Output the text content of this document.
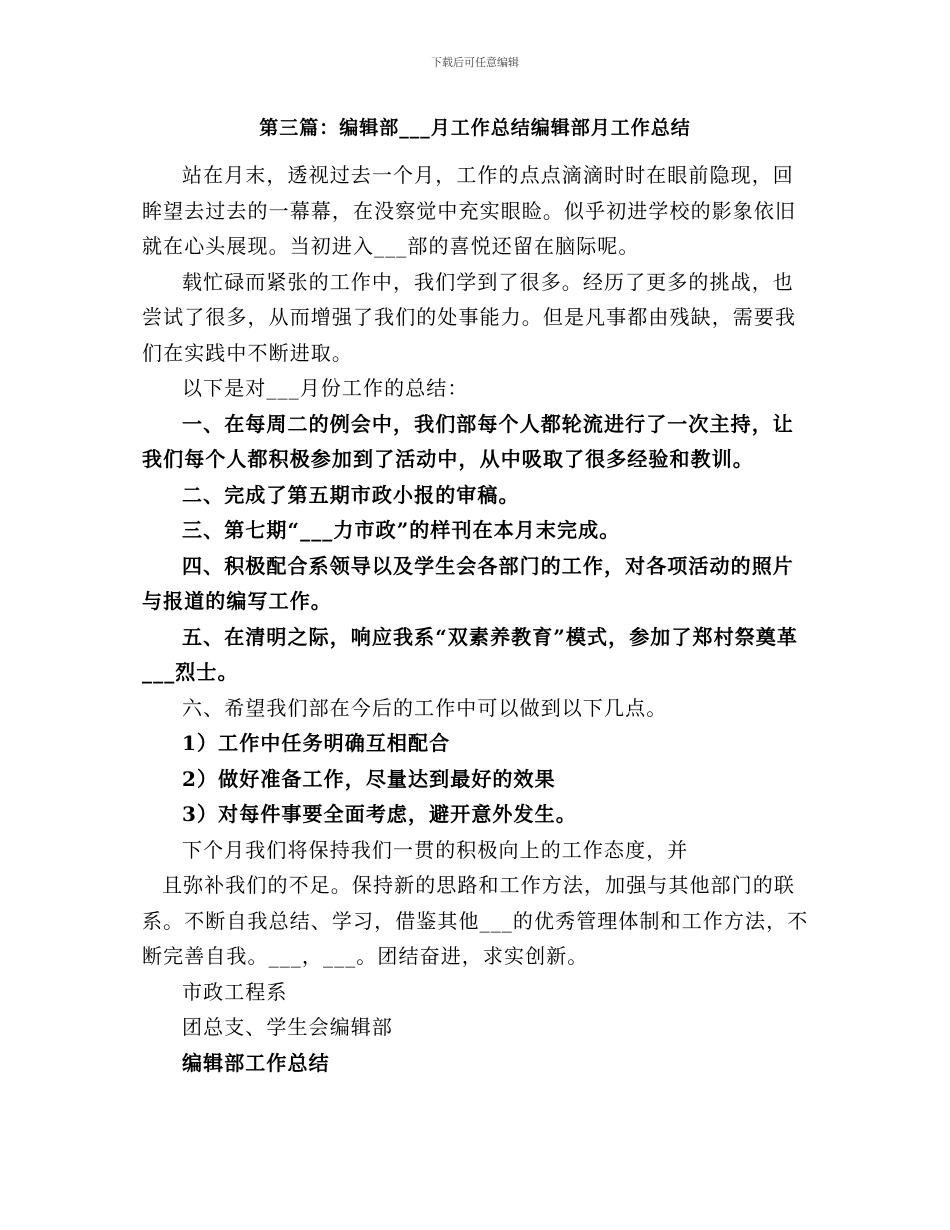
下载后可任意编辑
第三篇：编辑部___月工作总结编辑部月工作总结

站在月末，透视过去一个月，工作的点点滴滴时时在眼前隐现，回眸望去过去的一幕幕，在没察觉中充实眼睑。似乎初进学校的影象依旧就在心头展现。当初进入___部的喜悦还留在脑际呢。

载忙碌而紧张的工作中，我们学到了很多。经历了更多的挑战，也尝试了很多，从而增强了我们的处事能力。但是凡事都由残缺，需要我们在实践中不断进取。

以下是对___月份工作的总结：

一、在每周二的例会中，我们部每个人都轮流进行了一次主持，让我们每个人都积极参加到了活动中，从中吸取了很多经验和教训。

二、完成了第五期市政小报的审稿。

三、第七期“___力市政”的样刊在本月末完成。

四、积极配合系领导以及学生会各部门的工作，对各项活动的照片与报道的编写工作。

五、在清明之际，响应我系“双素养教育”模式，参加了郑村祭奠革___烈士。

六、希望我们部在今后的工作中可以做到以下几点。

1）工作中任务明确互相配合

2）做好准备工作，尽量达到最好的效果

3）对每件事要全面考虑，避开意外发生。

下个月我们将保持我们一贯的积极向上的工作态度，并

且弥补我们的不足。保持新的思路和工作方法，加强与其他部门的联系。不断自我总结、学习，借鉴其他___的优秀管理体制和工作方法，不断完善自我。___，___。团结奋进，求实创新。

市政工程系

团总支、学生会编辑部

编辑部工作总结
